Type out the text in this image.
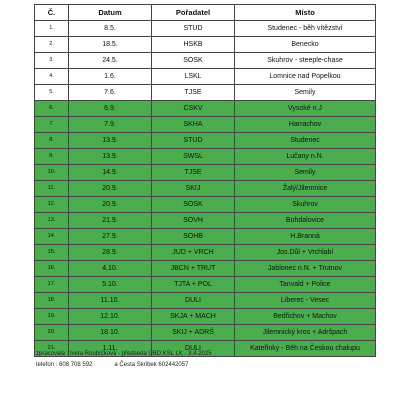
Č.	Datum	Pořadatel	Místo
1.	8.5.	STUD	Studenec - běh vítězství
2.	18.5.	HSKB	Benecko
3.	24.5.	SOSK	Skuhrov - steeple-chase
4.	1.6.	LSKL	Lomnice nad Popelkou
5.	7.6.	TJSE	Semily
6.	6.9.	CSKV	Vysoké n.J
7.	7.9.	SKHA	Harrachov
8.	13.9.	STUD	Studenec
9.	13.9.	SWSL	Lučany n.N.
10.	14.9.	TJSE	Semily
11.	20.9.	SKIJ	Žalý/Jilemnice
12.	20.9.	SOSK	Skuhrov
13.	21.9.	SOVH	Bohdalovice
14.	27.9.	SOHB	H.Branná
15.	28.9.	JUD + VRCH	Jos.Důl + Vrchlabí
16.	4.10.	JBCN + TRUT	Jablonec n.N. + Trutnov
17.	5.10.	TJTA + POL	Tanvald + Police
18.	11.10.	DULI	Liberec - Vesec
19.	12.10.	SKJA + MACH	Bedřichov + Machov
20.	18.10.	SKIJ + ADRŠ	Jilemnický kros + Adršpach
21.	1.11.	DULI	Kateřinky - Běh na Českou chalupu
zpracovala : Iveta Roubíčková - předseda ÚBD KSL LK - 3.4.2025
telefon : 608 708 592	a Česta Skribek 602442057
